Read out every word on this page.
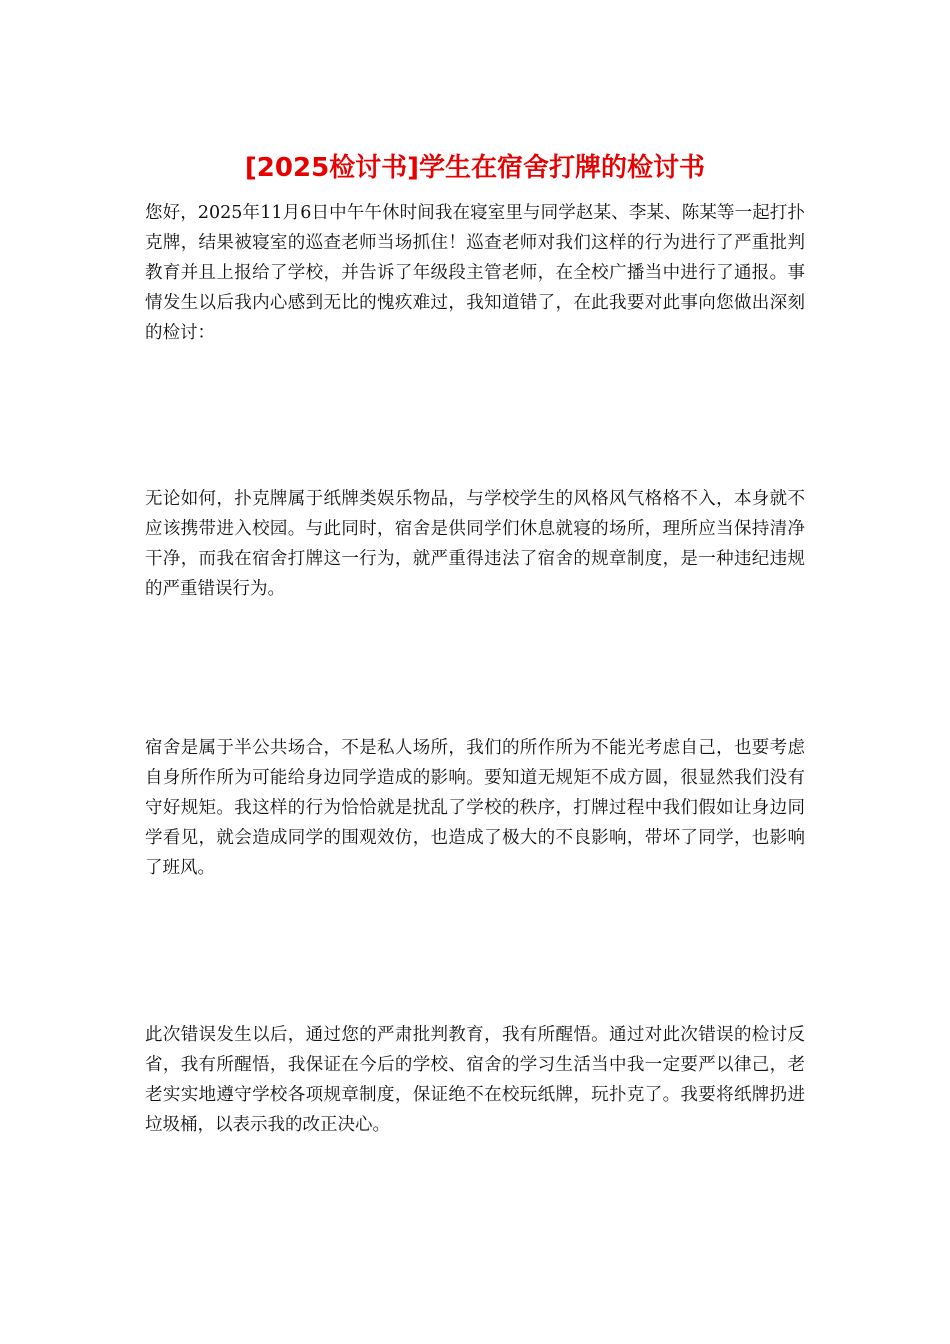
[2025检讨书]学生在宿舍打牌的检讨书

您好，2025年11月6日中午午休时间我在寝室里与同学赵某、李某、陈某等一起打扑克牌，结果被寝室的巡查老师当场抓住！巡查老师对我们这样的行为进行了严重批判教育并且上报给了学校，并告诉了年级段主管老师，在全校广播当中进行了通报。事情发生以后我内心感到无比的愧疚难过，我知道错了，在此我要对此事向您做出深刻的检讨：

无论如何，扑克牌属于纸牌类娱乐物品，与学校学生的风格风气格格不入，本身就不应该携带进入校园。与此同时，宿舍是供同学们休息就寝的场所，理所应当保持清净干净，而我在宿舍打牌这一行为，就严重得违法了宿舍的规章制度，是一种违纪违规的严重错误行为。

宿舍是属于半公共场合，不是私人场所，我们的所作所为不能光考虑自己，也要考虑自身所作所为可能给身边同学造成的影响。要知道无规矩不成方圆，很显然我们没有守好规矩。我这样的行为恰恰就是扰乱了学校的秩序，打牌过程中我们假如让身边同学看见，就会造成同学的围观效仿，也造成了极大的不良影响，带坏了同学，也影响了班风。

此次错误发生以后，通过您的严肃批判教育，我有所醒悟。通过对此次错误的检讨反省，我有所醒悟，我保证在今后的学校、宿舍的学习生活当中我一定要严以律己，老老实实地遵守学校各项规章制度，保证绝不在校玩纸牌，玩扑克了。我要将纸牌扔进垃圾桶，以表示我的改正决心。
